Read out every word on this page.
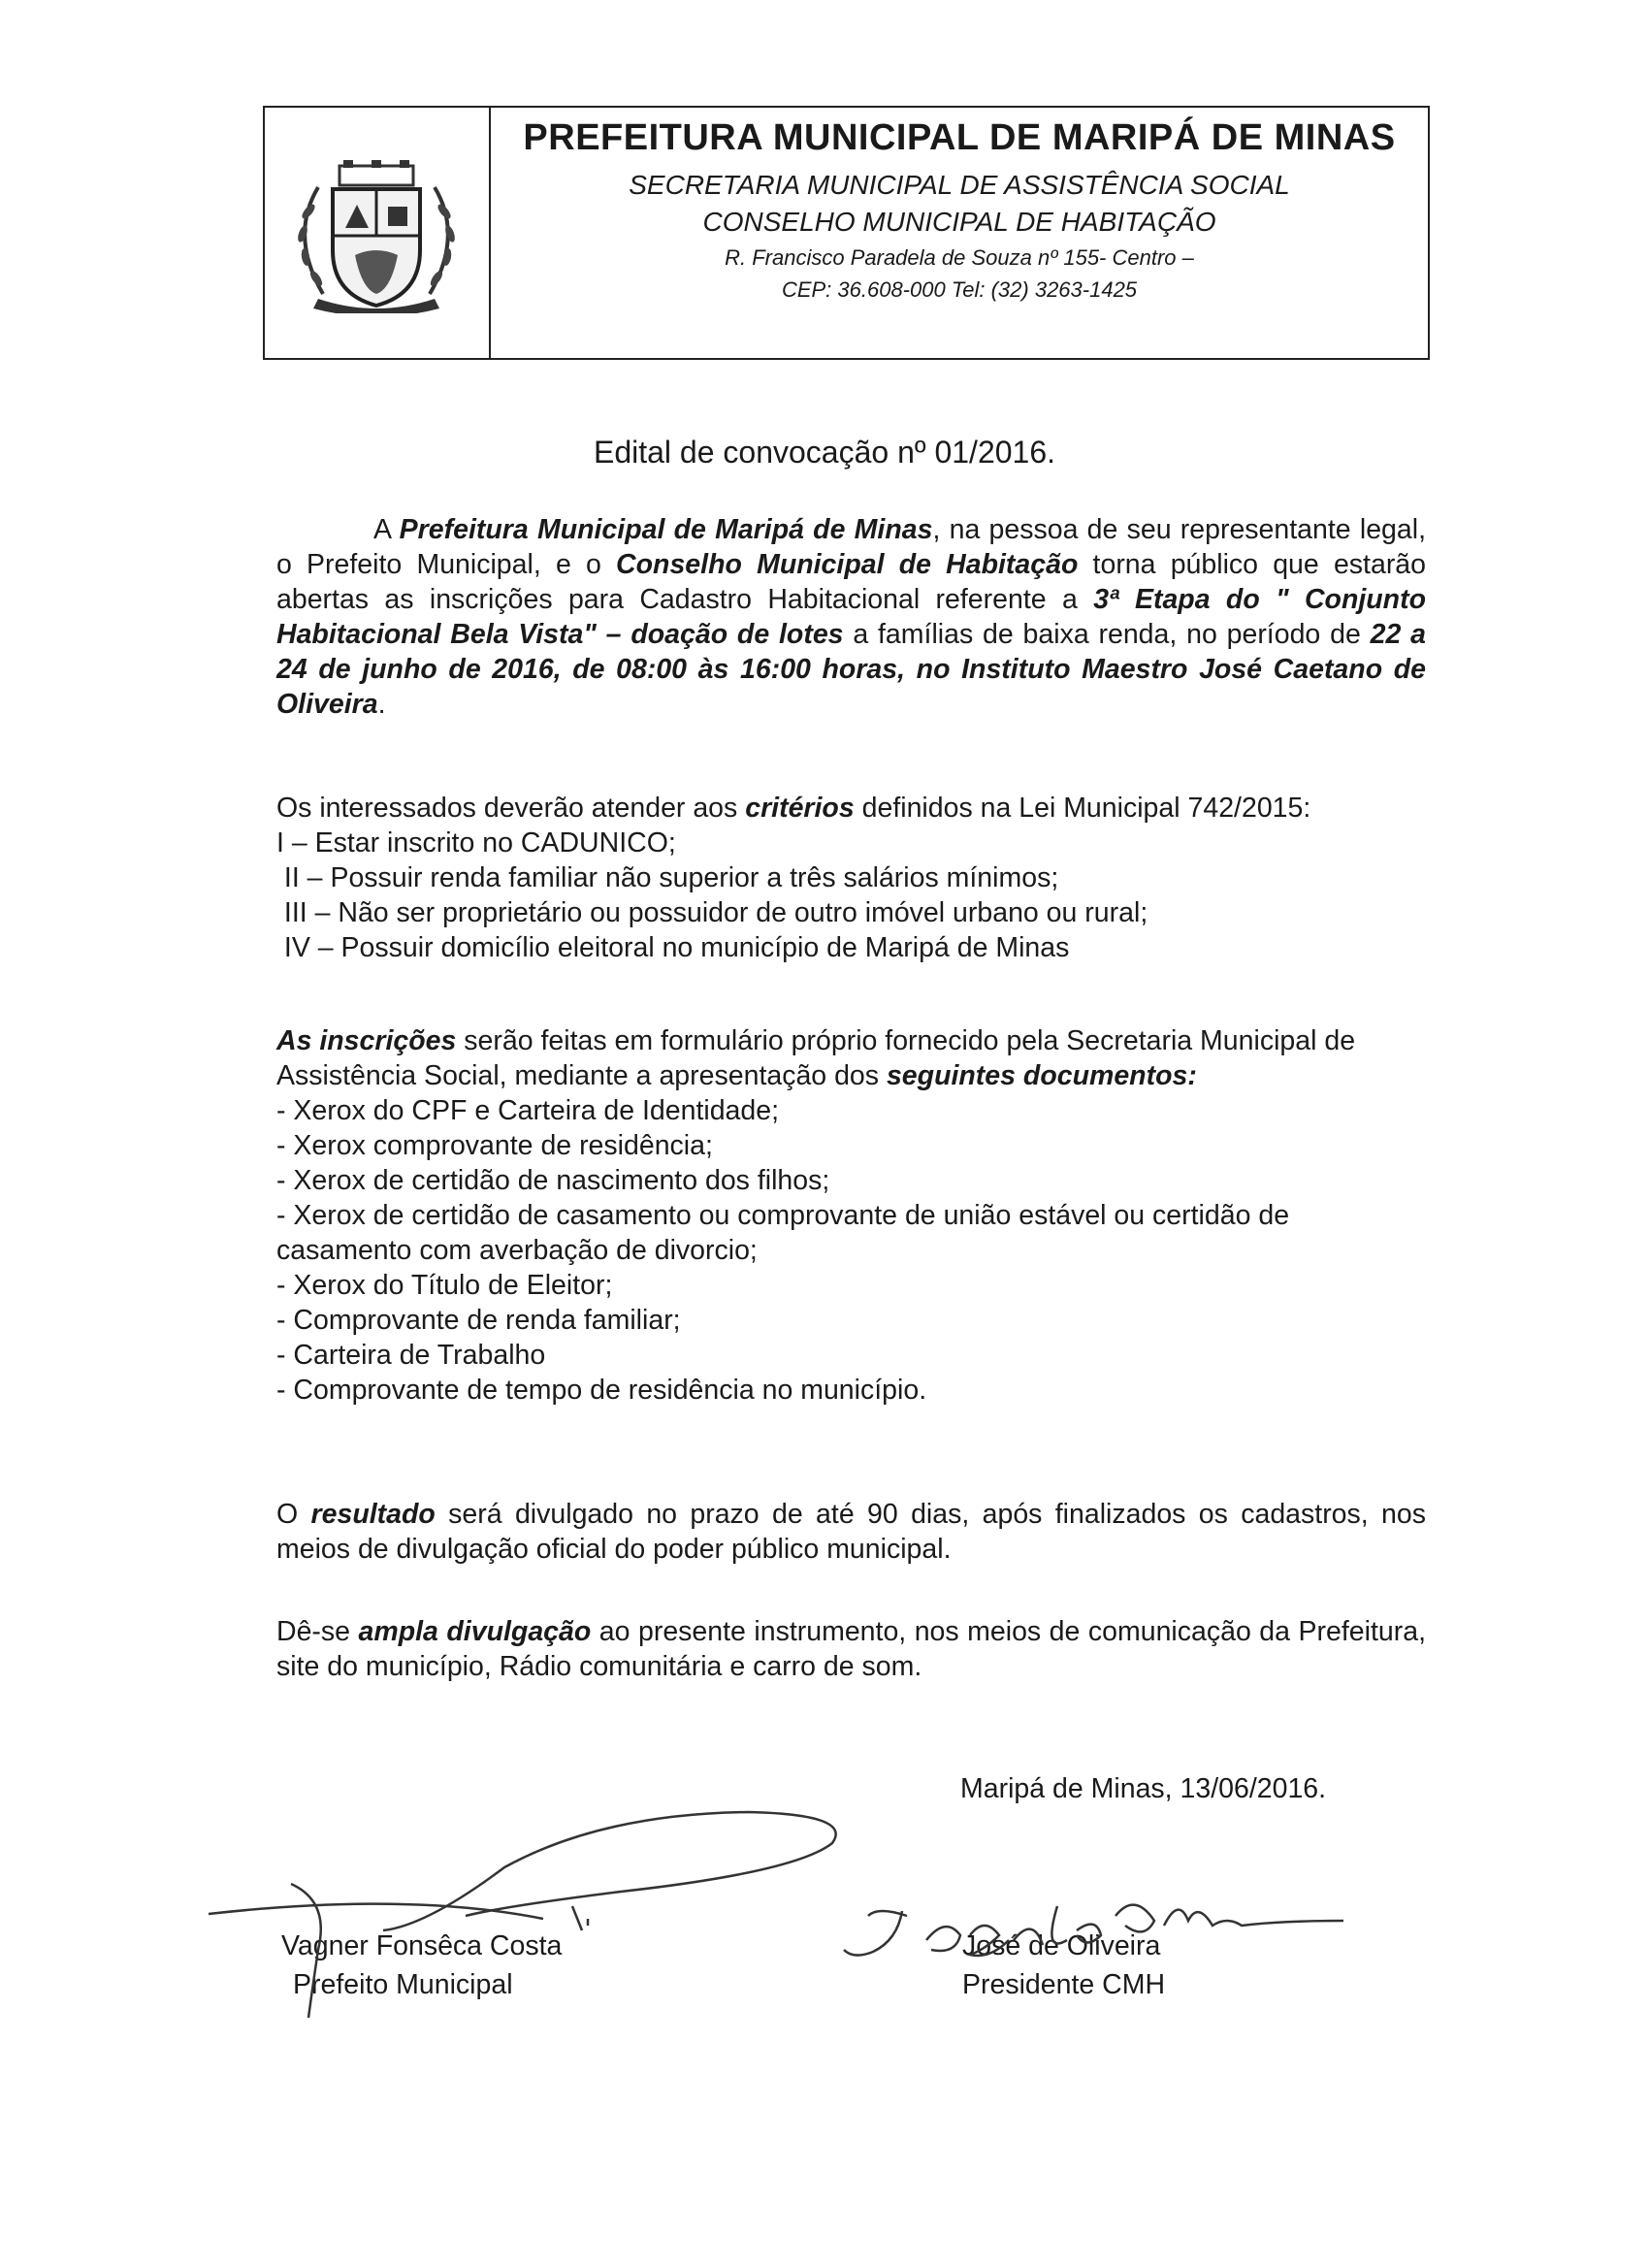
PREFEITURA MUNICIPAL DE MARIPÁ DE MINAS
SECRETARIA MUNICIPAL DE ASSISTÊNCIA SOCIAL
CONSELHO MUNICIPAL DE HABITAÇÃO
R. Francisco Paradela de Souza nº 155- Centro –
CEP: 36.608-000 Tel: (32) 3263-1425
Edital de convocação nº 01/2016.
A Prefeitura Municipal de Maripá de Minas, na pessoa de seu representante legal, o Prefeito Municipal, e o Conselho Municipal de Habitação torna público que estarão abertas as inscrições para Cadastro Habitacional referente a 3ª Etapa do " Conjunto Habitacional Bela Vista" – doação de lotes a famílias de baixa renda, no período de 22 a 24 de junho de 2016, de 08:00 às 16:00 horas, no Instituto Maestro José Caetano de Oliveira.
Os interessados deverão atender aos critérios definidos na Lei Municipal 742/2015:
I – Estar inscrito no CADUNICO;
II – Possuir renda familiar não superior a três salários mínimos;
III – Não ser proprietário ou possuidor de outro imóvel urbano ou rural;
IV – Possuir domicílio eleitoral no município de Maripá de Minas
As inscrições serão feitas em formulário próprio fornecido pela Secretaria Municipal de Assistência Social, mediante a apresentação dos seguintes documentos:
- Xerox do CPF e Carteira de Identidade;
- Xerox comprovante de residência;
- Xerox de certidão de nascimento dos filhos;
- Xerox de certidão de casamento ou comprovante de união estável ou certidão de casamento com averbação de divorcio;
- Xerox do Título de Eleitor;
- Comprovante de renda familiar;
- Carteira de Trabalho
- Comprovante de tempo de residência no município.
O resultado será divulgado no prazo de até 90 dias, após finalizados os cadastros, nos meios de divulgação oficial do poder público municipal.
Dê-se ampla divulgação ao presente instrumento, nos meios de comunicação da Prefeitura, site do município, Rádio comunitária e carro de som.
Maripá de Minas, 13/06/2016.
Vagner Fonsêca Costa
Prefeito Municipal
José de Oliveira
Presidente CMH
